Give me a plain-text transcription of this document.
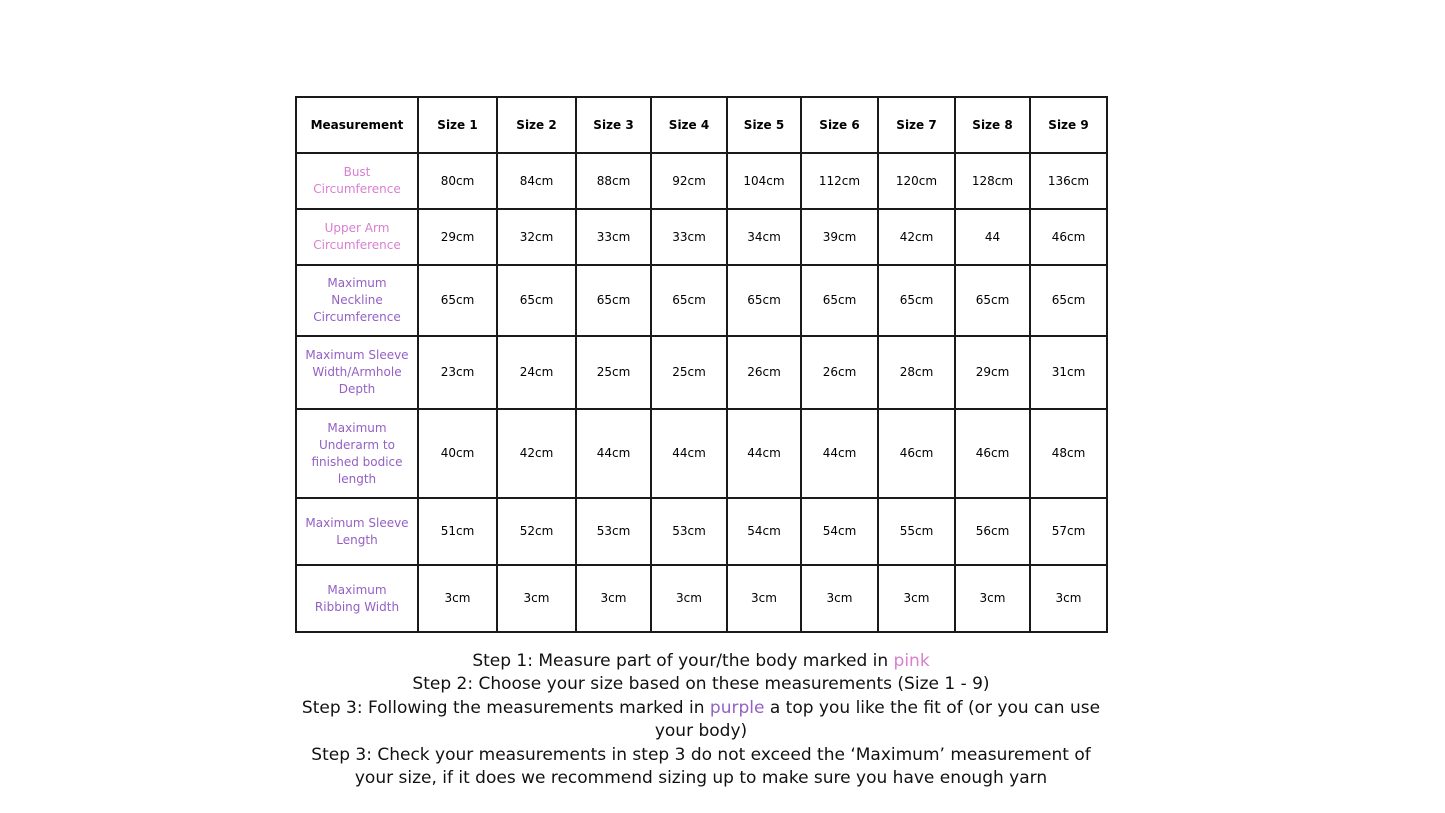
Measurement	Size 1	Size 2	Size 3	Size 4	Size 5	Size 6	Size 7	Size 8	Size 9
Bust Circumference	80cm	84cm	88cm	92cm	104cm	112cm	120cm	128cm	136cm
Upper Arm Circumference	29cm	32cm	33cm	33cm	34cm	39cm	42cm	44	46cm
Maximum Neckline Circumference	65cm	65cm	65cm	65cm	65cm	65cm	65cm	65cm	65cm
Maximum Sleeve Width/Armhole Depth	23cm	24cm	25cm	25cm	26cm	26cm	28cm	29cm	31cm
Maximum Underarm to finished bodice length	40cm	42cm	44cm	44cm	44cm	44cm	46cm	46cm	48cm
Maximum Sleeve Length	51cm	52cm	53cm	53cm	54cm	54cm	55cm	56cm	57cm
Maximum Ribbing Width	3cm	3cm	3cm	3cm	3cm	3cm	3cm	3cm	3cm
Step 1: Measure part of your/the body marked in pink
Step 2: Choose your size based on these measurements (Size 1 - 9)
Step 3: Following the measurements marked in purple a top you like the fit of (or you can use your body)
Step 3: Check your measurements in step 3 do not exceed the ‘Maximum’ measurement of your size, if it does we recommend sizing up to make sure you have enough yarn
